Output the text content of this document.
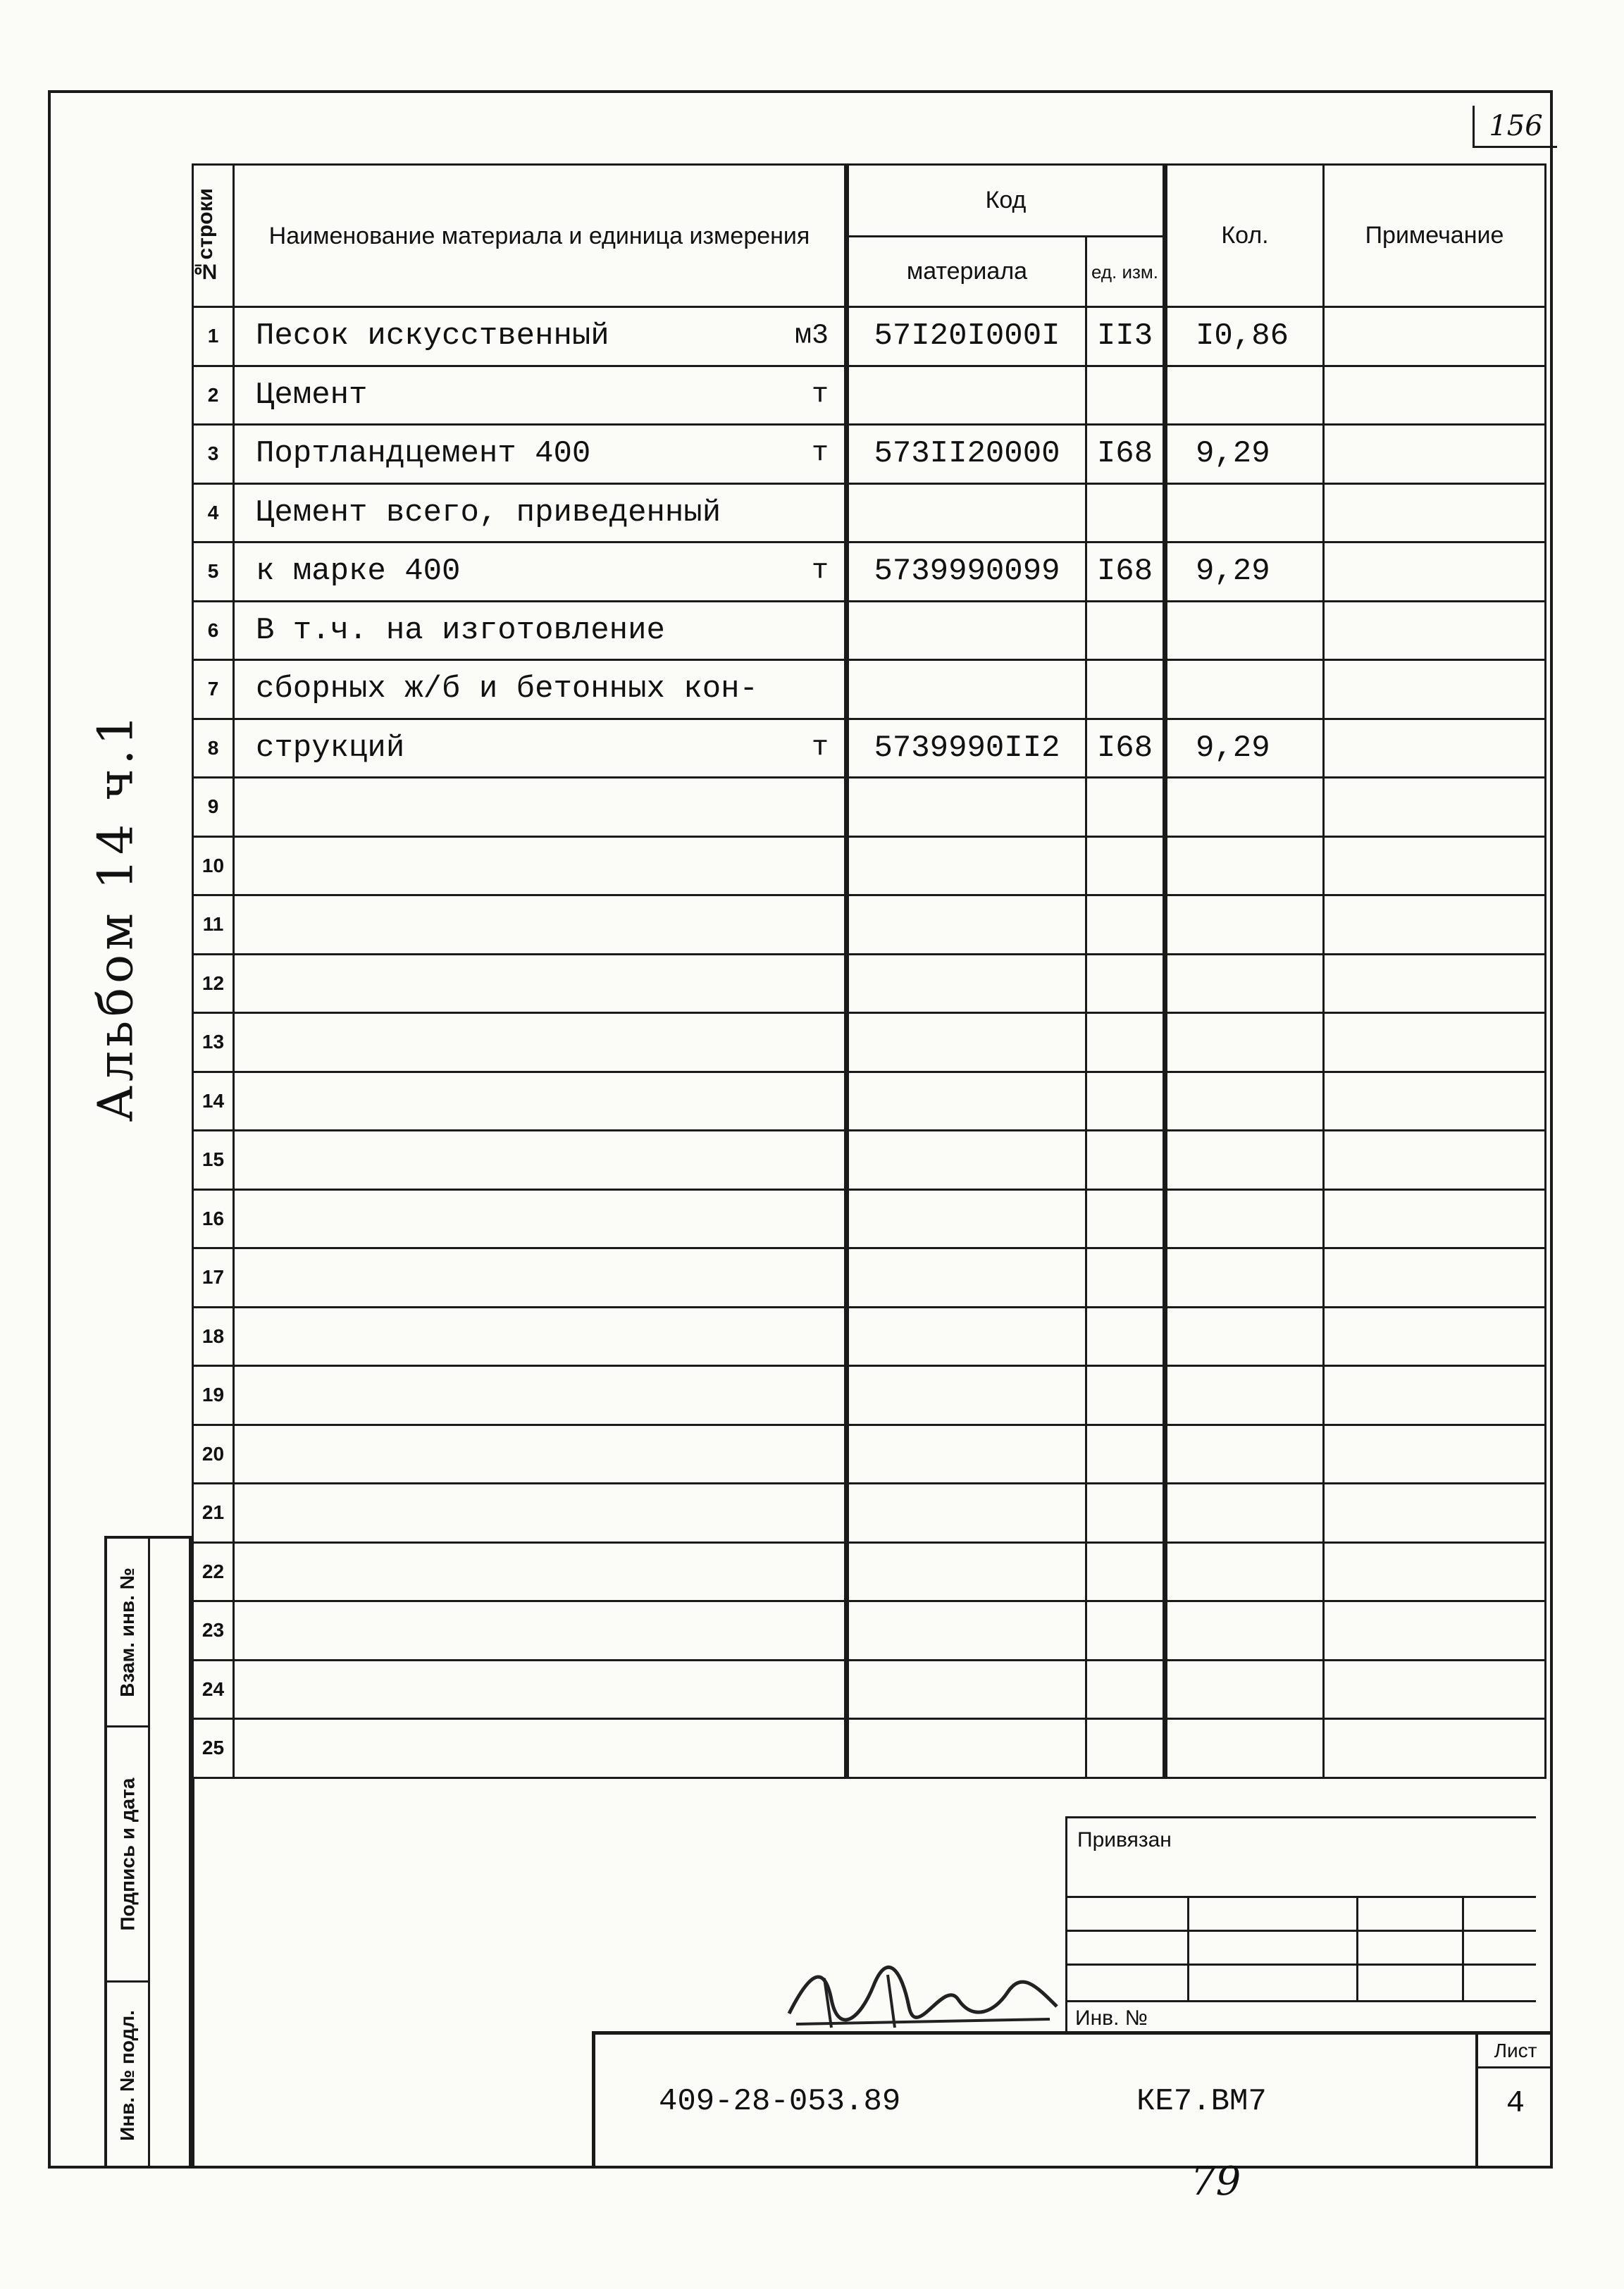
156
Альбом 14 ч.1
№строки	Наименование материала и единица измерения	Код		Кол.	Примечание
		материала	ед. изм.		
1	Песок искусственный м3	57I20I000I	II3	I0,86	
2	Цемент т				

3	Портландцемент 400 т	573II20000	I68	9,29	
4	Цемент всего, приведенный

5	к марке 400 т	5739990099	I68	9,29	
6	В т.ч. на изготовление

7	сборных ж/б и бетонных кон-

8	струкций т	5739990II2	I68	9,29	
9	

10	

11	

12	

13	

14	

15	

16	

17	

18	

19	

20	

21	

22	

23	

24	

25	

Взам. инв. №
Подпись и дата
Инв. № подл.
Привязан
Инв. №
409-28-053.89	КЕ7.ВМ7
Лист
4
79
